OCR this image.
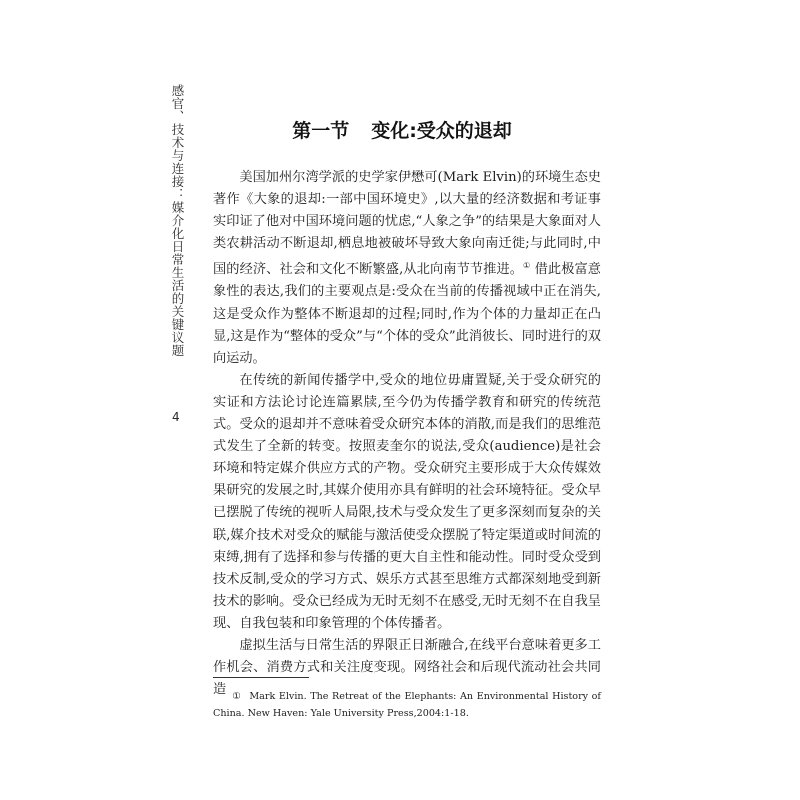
感官、技术与连接：媒介化日常生活的关键议题
4
第一节 变化:受众的退却

美国加州尔湾学派的史学家伊懋可(Mark Elvin)的环境生态史著作《大象的退却:一部中国环境史》,以大量的经济数据和考证事实印证了他对中国环境问题的忧虑,“人象之争”的结果是大象面对人类农耕活动不断退却,栖息地被破坏导致大象向南迁徙;与此同时,中国的经济、社会和文化不断繁盛,从北向南节节推进。① 借此极富意象性的表达,我们的主要观点是:受众在当前的传播视域中正在消失,这是受众作为整体不断退却的过程;同时,作为个体的力量却正在凸显,这是作为“整体的受众”与“个体的受众”此消彼长、同时进行的双向运动。

在传统的新闻传播学中,受众的地位毋庸置疑,关于受众研究的实证和方法论讨论连篇累牍,至今仍为传播学教育和研究的传统范式。受众的退却并不意味着受众研究本体的消散,而是我们的思维范式发生了全新的转变。按照麦奎尔的说法,受众(audience)是社会环境和特定媒介供应方式的产物。受众研究主要形成于大众传媒效果研究的发展之时,其媒介使用亦具有鲜明的社会环境特征。受众早已摆脱了传统的视听人局限,技术与受众发生了更多深刻而复杂的关联,媒介技术对受众的赋能与激活使受众摆脱了特定渠道或时间流的束缚,拥有了选择和参与传播的更大自主性和能动性。同时受众受到技术反制,受众的学习方式、娱乐方式甚至思维方式都深刻地受到新技术的影响。受众已经成为无时无刻不在感受,无时无刻不在自我呈现、自我包装和印象管理的个体传播者。

虚拟生活与日常生活的界限正日渐融合,在线平台意味着更多工作机会、消费方式和关注度变现。网络社会和后现代流动社会共同造 ① Mark Elvin. The Retreat of the Elephants: An Environmental History of China. New Haven: Yale University Press,2004:1-18.
